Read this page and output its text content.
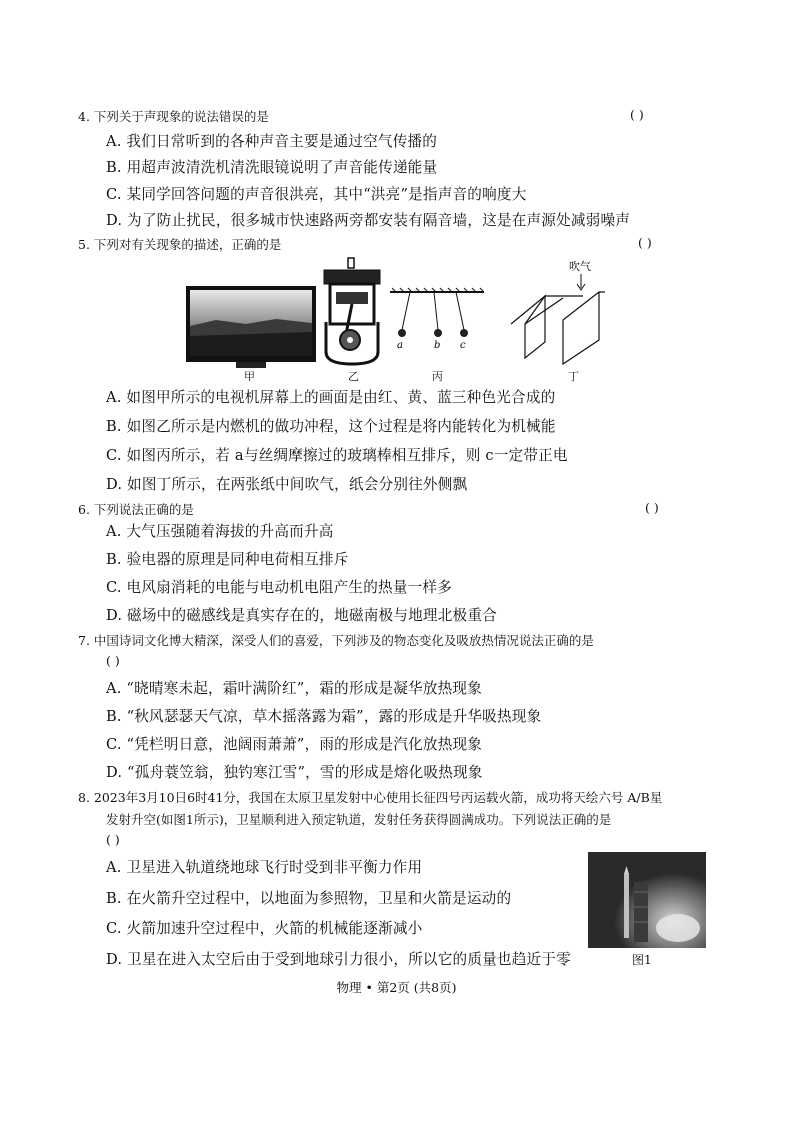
4. 下列关于声现象的说法错误的是	( )
A. 我们日常听到的各种声音主要是通过空气传播的
B. 用超声波清洗机清洗眼镜说明了声音能传递能量
C. 某同学回答问题的声音很洪亮，其中“洪亮”是指声音的响度大
D. 为了防止扰民，很多城市快速路两旁都安装有隔音墙，这是在声源处减弱噪声
5. 下列对有关现象的描述，正确的是	( )
a	b c
吹气
甲	乙	丙	丁
A. 如图甲所示的电视机屏幕上的画面是由红、黄、蓝三种色光合成的
B. 如图乙所示是内燃机的做功冲程，这个过程是将内能转化为机械能
C. 如图丙所示，若 a与丝绸摩擦过的玻璃棒相互排斥，则 c一定带正电
D. 如图丁所示，在两张纸中间吹气，纸会分别往外侧飘
6. 下列说法正确的是	( )
A. 大气压强随着海拔的升高而升高
B. 验电器的原理是同种电荷相互排斥
C. 电风扇消耗的电能与电动机电阻产生的热量一样多
D. 磁场中的磁感线是真实存在的，地磁南极与地理北极重合
7. 中国诗词文化博大精深，深受人们的喜爱，下列涉及的物态变化及吸放热情况说法正确的是
( )
A. “晓晴寒未起，霜叶满阶红”，霜的形成是凝华放热现象
B. “秋风瑟瑟天气凉，草木摇落露为霜”，露的形成是升华吸热现象
C. “凭栏明日意，池阔雨萧萧”，雨的形成是汽化放热现象
D. “孤舟蓑笠翁，独钓寒江雪”，雪的形成是熔化吸热现象
8. 2023年3月10日6时41分，我国在太原卫星发射中心使用长征四号丙运载火箭，成功将天绘六号 A/B星
发射升空(如图1所示)，卫星顺利进入预定轨道，发射任务获得圆满成功。下列说法正确的是
( )
A. 卫星进入轨道绕地球飞行时受到非平衡力作用
B. 在火箭升空过程中，以地面为参照物，卫星和火箭是运动的
C. 火箭加速升空过程中，火箭的机械能逐渐减小
D. 卫星在进入太空后由于受到地球引力很小，所以它的质量也趋近于零	图1
物理 • 第2页 (共8页)
